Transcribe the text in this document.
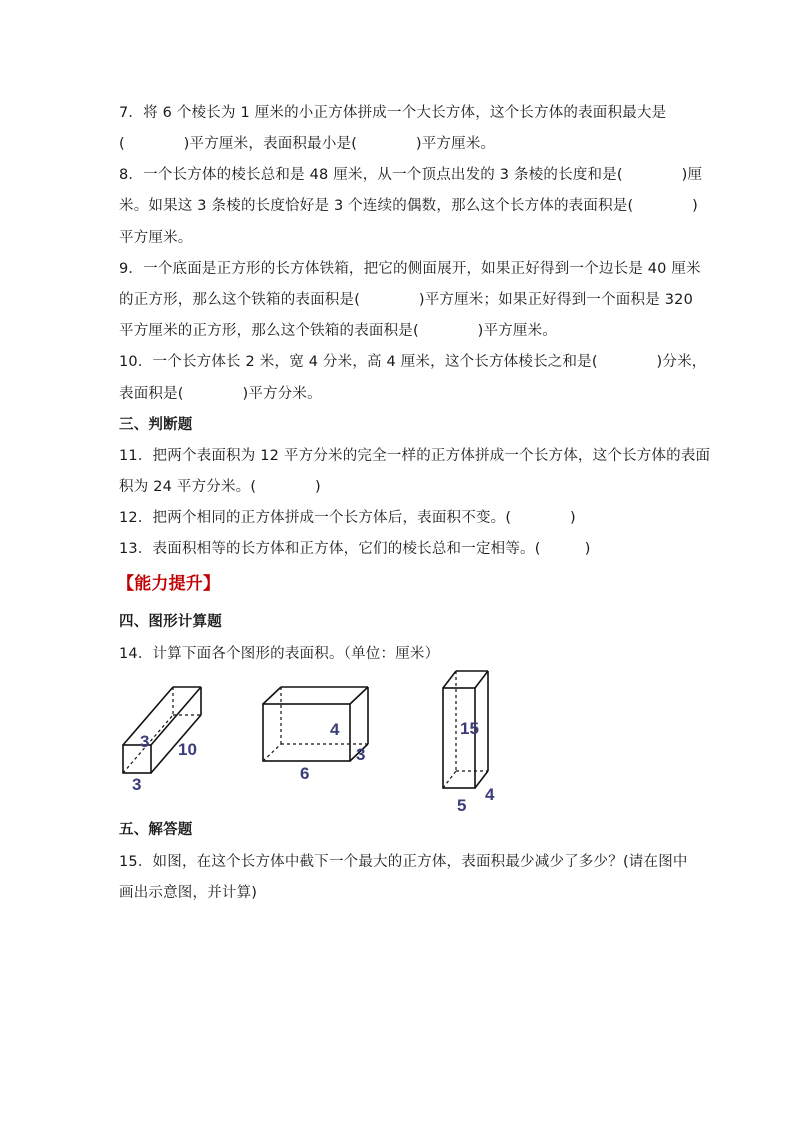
7．将 6 个棱长为 1 厘米的小正方体拼成一个大长方体，这个长方体的表面积最大是
(　　　　)平方厘米，表面积最小是(　　　　)平方厘米。
8．一个长方体的棱长总和是 48 厘米，从一个顶点出发的 3 条棱的长度和是(　　　　)厘
米。如果这 3 条棱的长度恰好是 3 个连续的偶数，那么这个长方体的表面积是(　　　　)
平方厘米。
9．一个底面是正方形的长方体铁箱，把它的侧面展开，如果正好得到一个边长是 40 厘米
的正方形，那么这个铁箱的表面积是(　　　　)平方厘米；如果正好得到一个面积是 320
平方厘米的正方形，那么这个铁箱的表面积是(　　　　)平方厘米。
10．一个长方体长 2 米，宽 4 分米，高 4 厘米，这个长方体棱长之和是(　　　　)分米，
表面积是(　　　　)平方分米。
三、判断题
11．把两个表面积为 12 平方分米的完全一样的正方体拼成一个长方体，这个长方体的表面
积为 24 平方分米。(　　　　)
12．把两个相同的正方体拼成一个长方体后，表面积不变。(　　　　)
13．表面积相等的长方体和正方体，它们的棱长总和一定相等。(　　　)
【能力提升】
四、图形计算题
14．计算下面各个图形的表面积。（单位：厘米）
3 10
3
4
3
6
15
5
4
五、解答题
15．如图，在这个长方体中截下一个最大的正方体，表面积最少减少了多少？(请在图中
画出示意图，并计算)
